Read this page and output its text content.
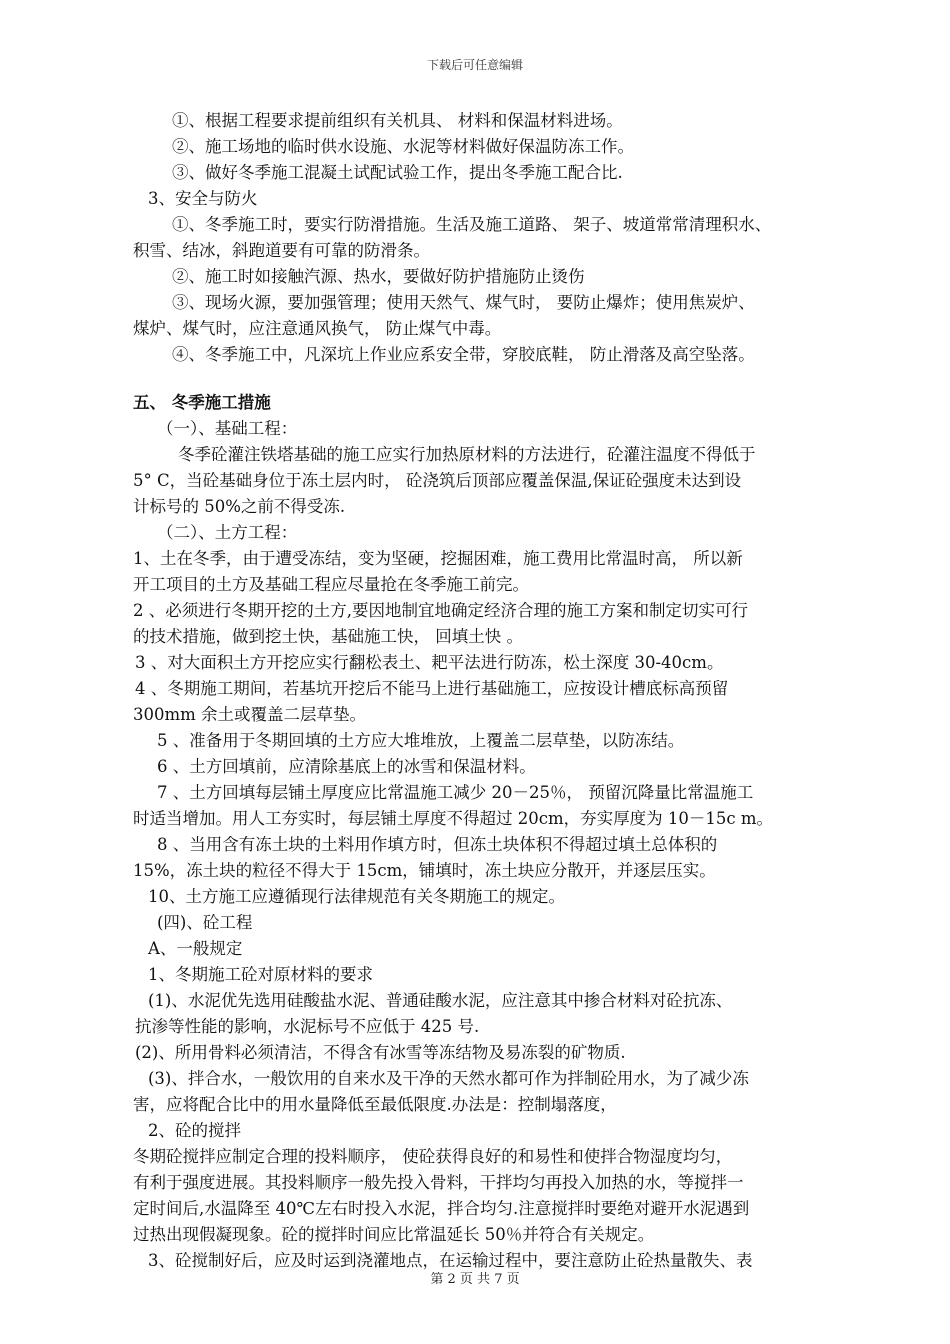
下载后可任意编辑
①、根据工程要求提前组织有关机具、 材料和保温材料进场。
②、施工场地的临时供水设施、水泥等材料做好保温防冻工作。
③、做好冬季施工混凝土试配试验工作，提出冬季施工配合比.
3、安全与防火
①、冬季施工时，要实行防滑措施。生活及施工道路、 架子、坡道常常清理积水、
积雪、结冰，斜跑道要有可靠的防滑条。
②、施工时如接触汽源、热水，要做好防护措施防止烫伤
③、现场火源，要加强管理；使用天然气、煤气时， 要防止爆炸；使用焦炭炉、
煤炉、煤气时，应注意通风换气， 防止煤气中毒。
④、冬季施工中，凡深坑上作业应系安全带，穿胶底鞋， 防止滑落及高空坠落。
五、 冬季施工措施
（一）、基础工程：
冬季砼灌注铁塔基础的施工应实行加热原材料的方法进行，砼灌注温度不得低于
5° C，当砼基础身位于冻土层内时， 砼浇筑后顶部应覆盖保温,保证砼强度未达到设
计标号的 50%之前不得受冻.
（二）、土方工程：
1、土在冬季，由于遭受冻结，变为坚硬，挖掘困难，施工费用比常温时高， 所以新
开工项目的土方及基础工程应尽量抢在冬季施工前完。
2 、必须进行冬期开挖的土方,要因地制宜地确定经济合理的施工方案和制定切实可行
的技术措施，做到挖土快，基础施工快， 回填土快 。
3 、对大面积土方开挖应实行翻松表土、耙平法进行防冻，松土深度 30-40cm。
4 、冬期施工期间，若基坑开挖后不能马上进行基础施工，应按设计槽底标高预留
300mm 余土或覆盖二层草垫。
5 、准备用于冬期回填的土方应大堆堆放，上覆盖二层草垫，以防冻结。
6 、土方回填前，应清除基底上的冰雪和保温材料。
7 、土方回填每层铺土厚度应比常温施工减少 20－25％， 预留沉降量比常温施工
时适当增加。用人工夯实时，每层铺土厚度不得超过 20cm，夯实厚度为 10－15c m。
8 、当用含有冻土块的土料用作填方时，但冻土块体积不得超过填土总体积的
15%，冻土块的粒径不得大于 15cm，铺填时，冻土块应分散开，并逐层压实。
10、土方施工应遵循现行法律规范有关冬期施工的规定。
(四)、砼工程
A、一般规定
1、冬期施工砼对原材料的要求
(1)、水泥优先选用硅酸盐水泥、普通硅酸水泥，应注意其中掺合材料对砼抗冻、
抗渗等性能的影响，水泥标号不应低于 425 号.
(2)、所用骨料必须清洁，不得含有冰雪等冻结物及易冻裂的矿物质.
(3)、拌合水，一般饮用的自来水及干净的天然水都可作为拌制砼用水，为了减少冻
害，应将配合比中的用水量降低至最低限度.办法是：控制塌落度，
2、砼的搅拌
冬期砼搅拌应制定合理的投料顺序， 使砼获得良好的和易性和使拌合物湿度均匀，
有利于强度进展。其投料顺序一般先投入骨料，干拌均匀再投入加热的水，等搅拌一
定时间后,水温降至 40℃左右时投入水泥，拌合均匀.注意搅拌时要绝对避开水泥遇到
过热出现假凝现象。砼的搅拌时间应比常温延长 50％并符合有关规定。
3、砼搅制好后，应及时运到浇灌地点，在运输过程中，要注意防止砼热量散失、表
第 2 页 共 7 页
